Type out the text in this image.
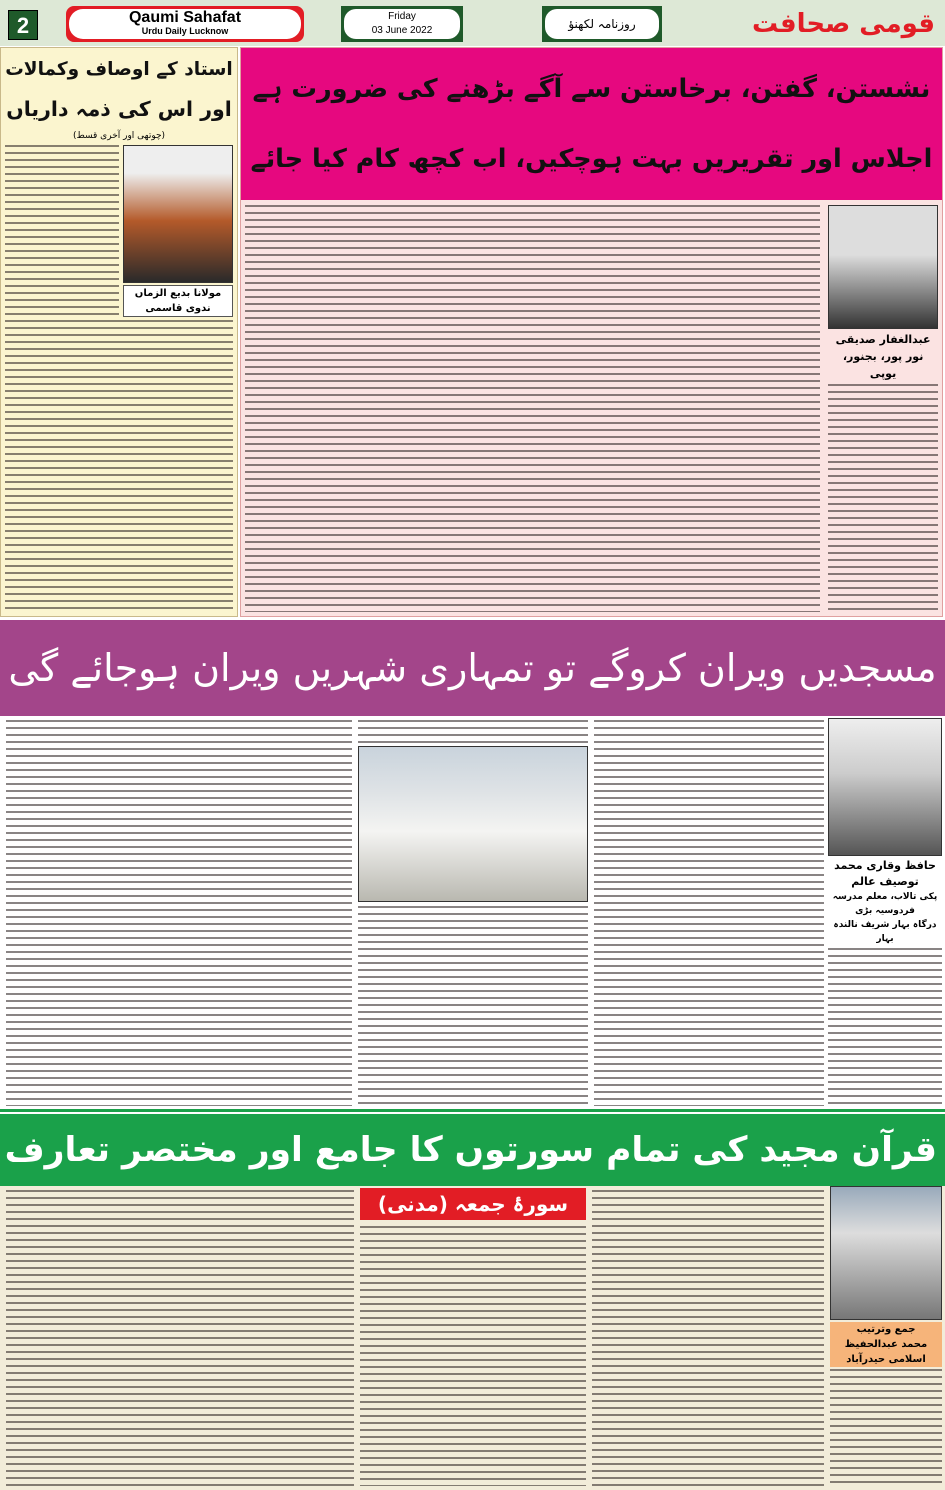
2	Qaumi Sahafat
Urdu Daily Lucknow
Friday
03 June 2022	روزنامہ لکھنؤ	قومی صحافت
استاد کے اوصاف وکمالات
اور اس کی ذمہ داریاں
(چوتھی اور آخری قسط)
مولانا بدیع الزماں ندوی قاسمی
نشستن، گفتن، برخاستن سے آگے بڑھنے کی ضرورت ہے
اجلاس اور تقریریں بہت ہوچکیں، اب کچھ کام کیا جائے
عبدالغفار صدیقی
نور پور، بجنور، یوپی
مسجدیں ویران کروگے تو تمہاری شہریں ویران ہوجائے گی
حافظ وقاری محمد توصیف عالم
پکی تالاب، معلم مدرسہ فردوسیہ بڑی
درگاہ بہار شریف نالندہ بہار
قرآن مجید کی تمام سورتوں کا جامع اور مختصر تعارف
جمع وترتیب
محمد عبدالحفیظ اسلامی حیدرآباد
سورۂ جمعہ (مدنی)
